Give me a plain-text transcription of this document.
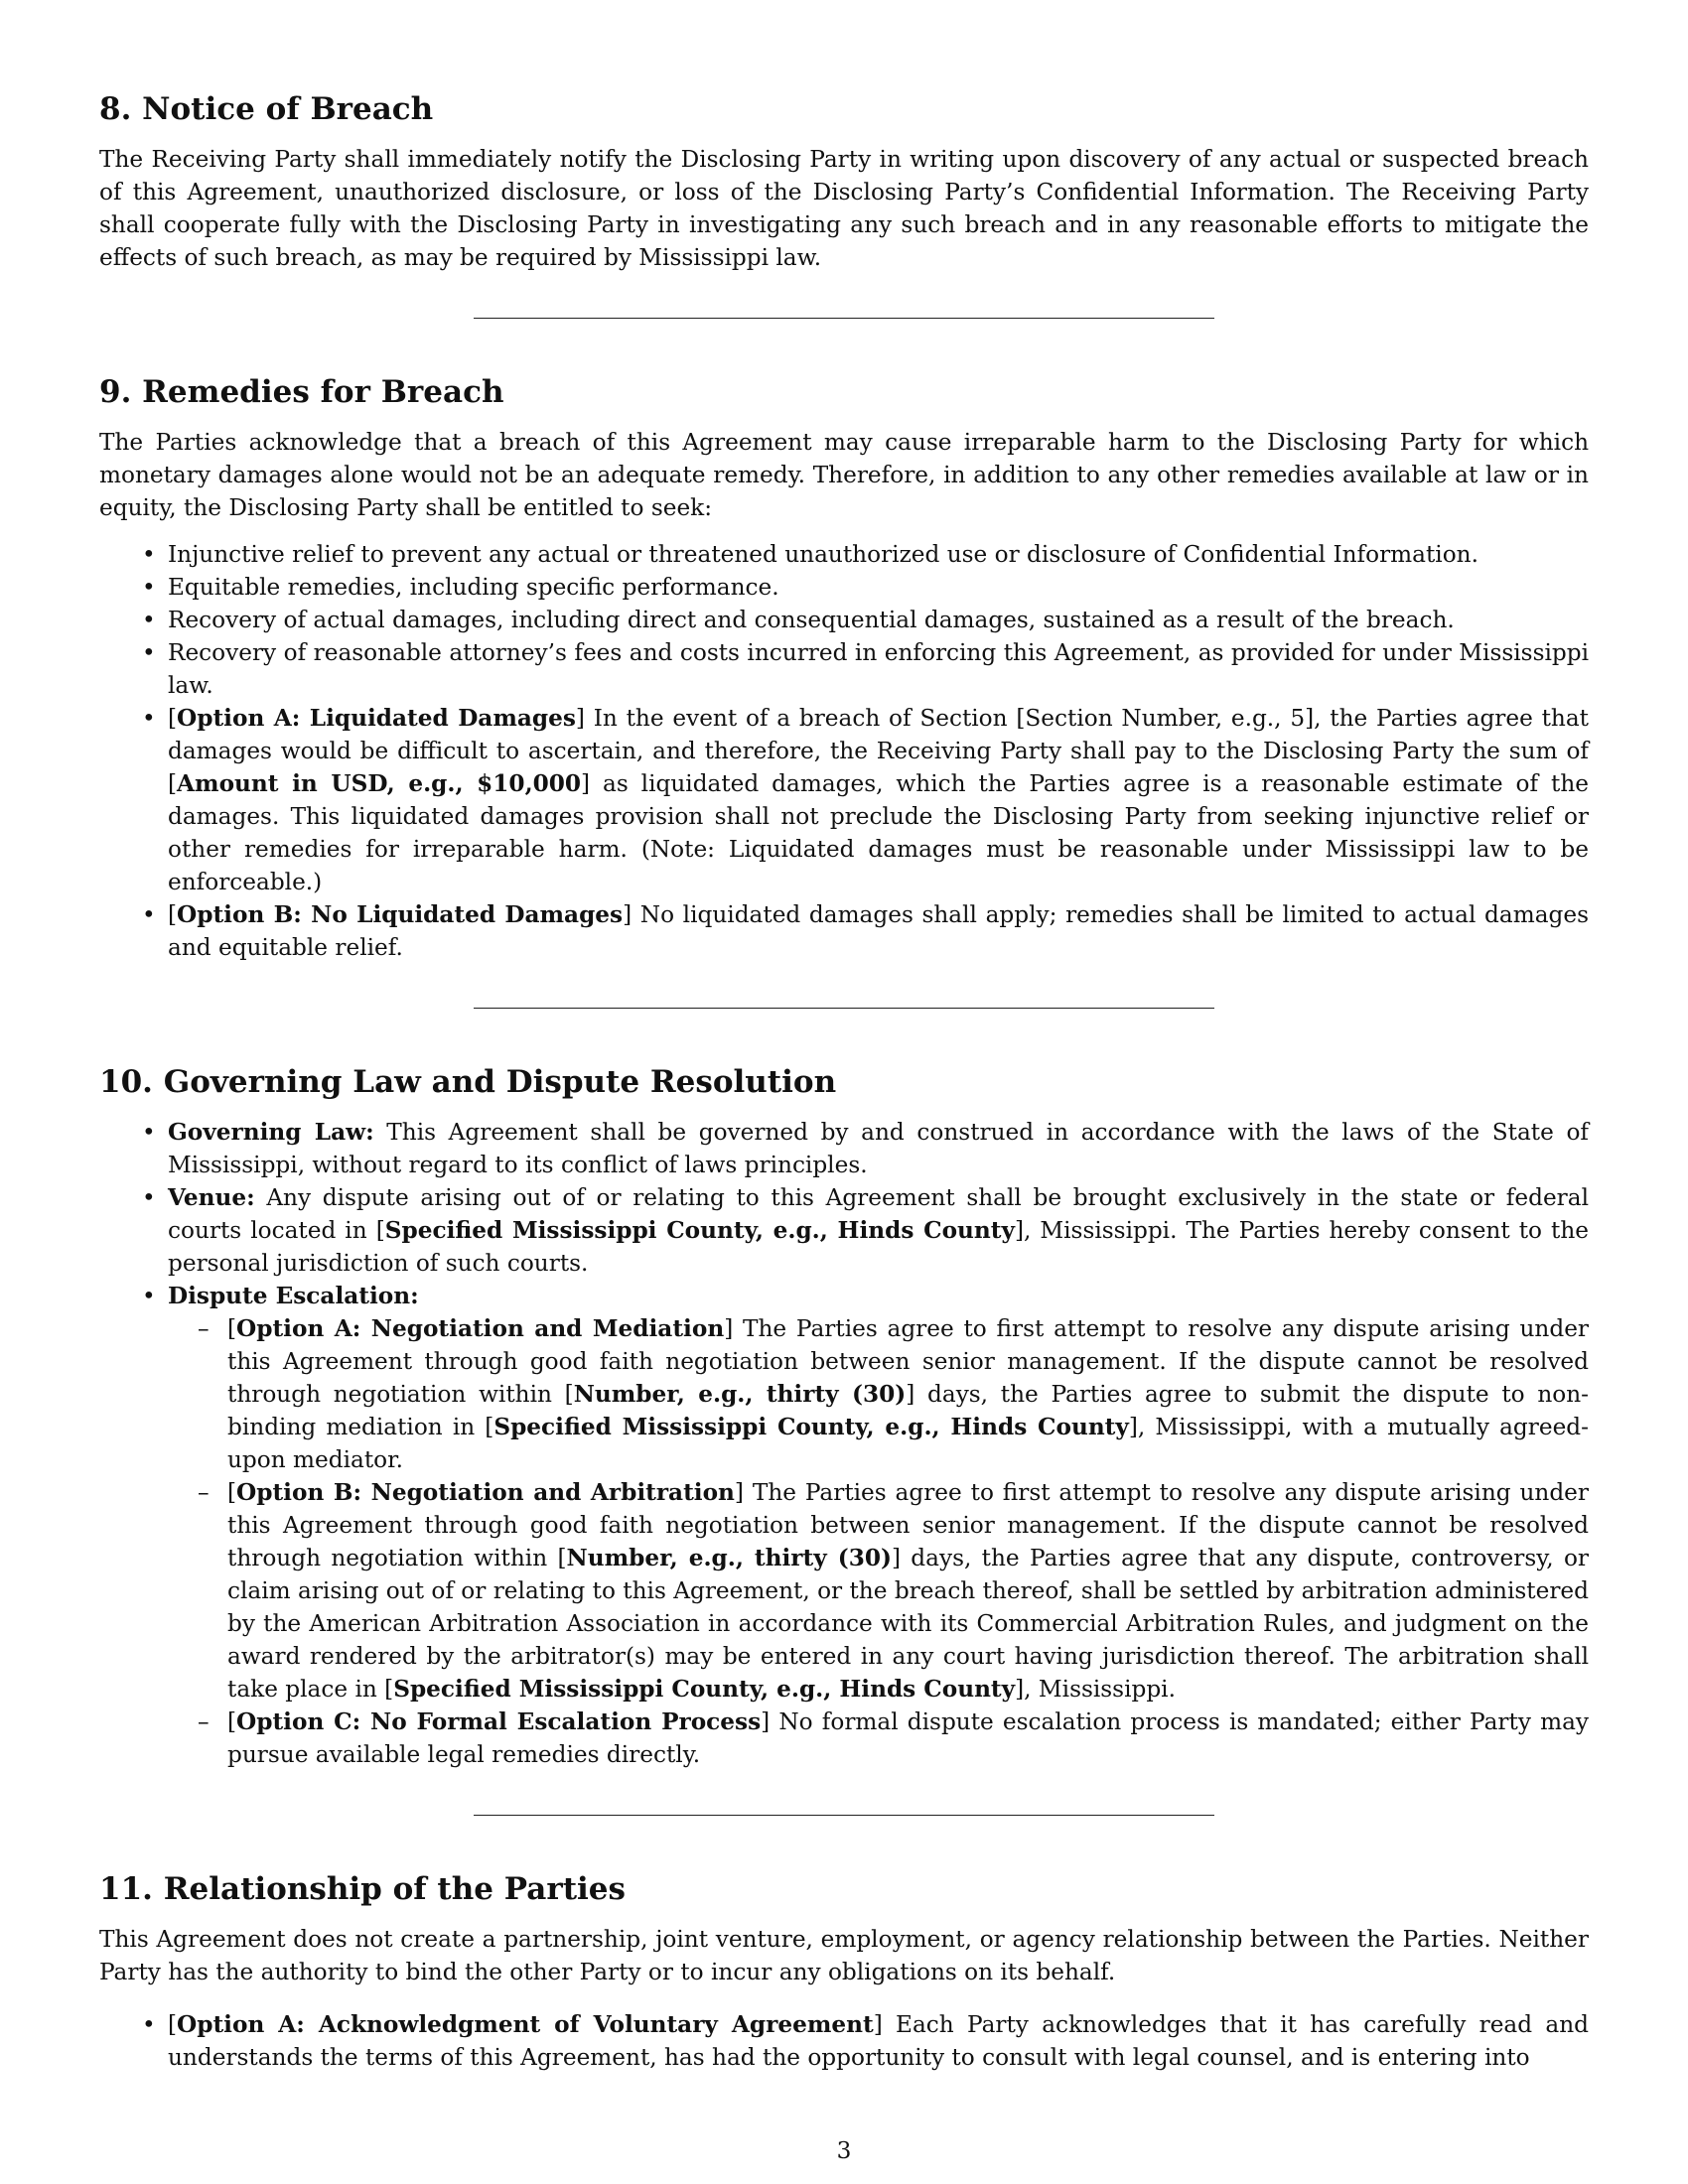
8. Notice of Breach

The Receiving Party shall immediately notify the Disclosing Party in writing upon discovery of any actual or suspected breach of this Agreement, unauthorized disclosure, or loss of the Disclosing Party’s Confidential Information. The Receiving Party shall cooperate fully with the Disclosing Party in investigating any such breach and in any reasonable efforts to mitigate the effects of such breach, as may be required by Mississippi law.

9. Remedies for Breach

The Parties acknowledge that a breach of this Agreement may cause irreparable harm to the Disclosing Party for which monetary damages alone would not be an adequate remedy. Therefore, in addition to any other remedies available at law or in equity, the Disclosing Party shall be entitled to seek:

• Injunctive relief to prevent any actual or threatened unauthorized use or disclosure of Confidential Information.
• Equitable remedies, including specific performance.
• Recovery of actual damages, including direct and consequential damages, sustained as a result of the breach.
• Recovery of reasonable attorney’s fees and costs incurred in enforcing this Agreement, as provided for under Mississippi law.
• [Option A: Liquidated Damages] In the event of a breach of Section [Section Number, e.g., 5], the Parties agree that damages would be difficult to ascertain, and therefore, the Receiving Party shall pay to the Disclosing Party the sum of [Amount in USD, e.g., $10,000] as liquidated damages, which the Parties agree is a reasonable estimate of the damages. This liquidated damages provision shall not preclude the Disclosing Party from seeking injunctive relief or other remedies for irreparable harm. (Note: Liquidated damages must be reasonable under Mississippi law to be enforceable.)
• [Option B: No Liquidated Damages] No liquidated damages shall apply; remedies shall be limited to actual damages and equitable relief.
10. Governing Law and Dispute Resolution
• Governing Law: This Agreement shall be governed by and construed in accordance with the laws of the State of Mississippi, without regard to its conflict of laws principles.
• Venue: Any dispute arising out of or relating to this Agreement shall be brought exclusively in the state or federal courts located in [Specified Mississippi County, e.g., Hinds County], Mississippi. The Parties hereby consent to the personal jurisdiction of such courts.
• Dispute Escalation:
– [Option A: Negotiation and Mediation] The Parties agree to first attempt to resolve any dispute arising under this Agreement through good faith negotiation between senior management. If the dispute cannot be resolved through negotiation within [Number, e.g., thirty (30)] days, the Parties agree to submit the dispute to non-binding mediation in [Specified Mississippi County, e.g., Hinds County], Mississippi, with a mutually agreed-upon mediator.
– [Option B: Negotiation and Arbitration] The Parties agree to first attempt to resolve any dispute arising under this Agreement through good faith negotiation between senior management. If the dispute cannot be resolved through negotiation within [Number, e.g., thirty (30)] days, the Parties agree that any dispute, controversy, or claim arising out of or relating to this Agreement, or the breach thereof, shall be settled by arbitration administered by the American Arbitration Association in accordance with its Commercial Arbitration Rules, and judgment on the award rendered by the arbitrator(s) may be entered in any court having jurisdiction thereof. The arbitration shall take place in [Specified Mississippi County, e.g., Hinds County], Mississippi.
– [Option C: No Formal Escalation Process] No formal dispute escalation process is mandated; either Party may pursue available legal remedies directly.
11. Relationship of the Parties

This Agreement does not create a partnership, joint venture, employment, or agency relationship between the Parties. Neither Party has the authority to bind the other Party or to incur any obligations on its behalf.

• [Option A: Acknowledgment of Voluntary Agreement] Each Party acknowledges that it has carefully read and understands the terms of this Agreement, has had the opportunity to consult with legal counsel, and is entering into
3
